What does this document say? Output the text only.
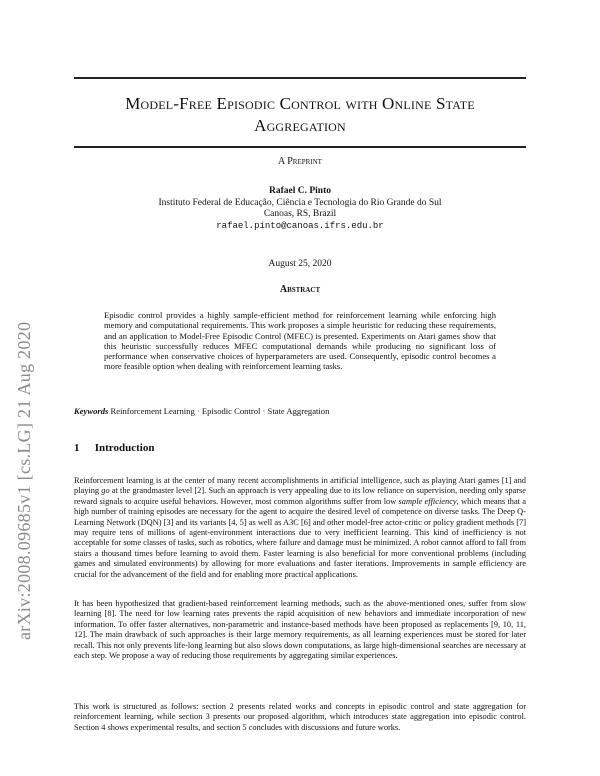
arXiv:2008.09685v1 [cs.LG] 21 Aug 2020
Model-Free Episodic Control with Online State
Aggregation
A Preprint
Rafael C. Pinto
Instituto Federal de Educação, Ciência e Tecnologia do Rio Grande do Sul
Canoas, RS, Brazil
rafael.pinto@canoas.ifrs.edu.br
August 25, 2020
Abstract
Episodic control provides a highly sample-efficient method for reinforcement learning while enforcing high memory and computational requirements. This work proposes a simple heuristic for reducing these requirements, and an application to Model-Free Episodic Control (MFEC) is presented. Experiments on Atari games show that this heuristic successfully reduces MFEC computational demands while producing no significant loss of performance when conservative choices of hyperparameters are used. Consequently, episodic control becomes a more feasible option when dealing with reinforcement learning tasks.
Keywords Reinforcement Learning · Episodic Control · State Aggregation
1 Introduction

Reinforcement learning is at the center of many recent accomplishments in artificial intelligence, such as playing Atari games [1] and playing go at the grandmaster level [2]. Such an approach is very appealing due to its low reliance on supervision, needing only sparse reward signals to acquire useful behaviors. However, most common algorithms suffer from low sample efficiency, which means that a high number of training episodes are necessary for the agent to acquire the desired level of competence on diverse tasks. The Deep Q-Learning Network (DQN) [3] and its variants [4, 5] as well as A3C [6] and other model-free actor-critic or policy gradient methods [7] may require tens of millions of agent-environment interactions due to very inefficient learning. This kind of inefficiency is not acceptable for some classes of tasks, such as robotics, where failure and damage must be minimized. A robot cannot afford to fall from stairs a thousand times before learning to avoid them. Faster learning is also beneficial for more conventional problems (including games and simulated environments) by allowing for more evaluations and faster iterations. Improvements in sample efficiency are crucial for the advancement of the field and for enabling more practical applications.

It has been hypothesized that gradient-based reinforcement learning methods, such as the above-mentioned ones, suffer from slow learning [8]. The need for low learning rates prevents the rapid acquisition of new behaviors and immediate incorporation of new information. To offer faster alternatives, non-parametric and instance-based methods have been proposed as replacements [9, 10, 11, 12]. The main drawback of such approaches is their large memory requirements, as all learning experiences must be stored for later recall. This not only prevents life-long learning but also slows down computations, as large high-dimensional searches are necessary at each step. We propose a way of reducing those requirements by aggregating similar experiences.

This work is structured as follows: section 2 presents related works and concepts in episodic control and state aggregation for reinforcement learning, while section 3 presents our proposed algorithm, which introduces state aggregation into episodic control. Section 4 shows experimental results, and section 5 concludes with discussions and future works.
